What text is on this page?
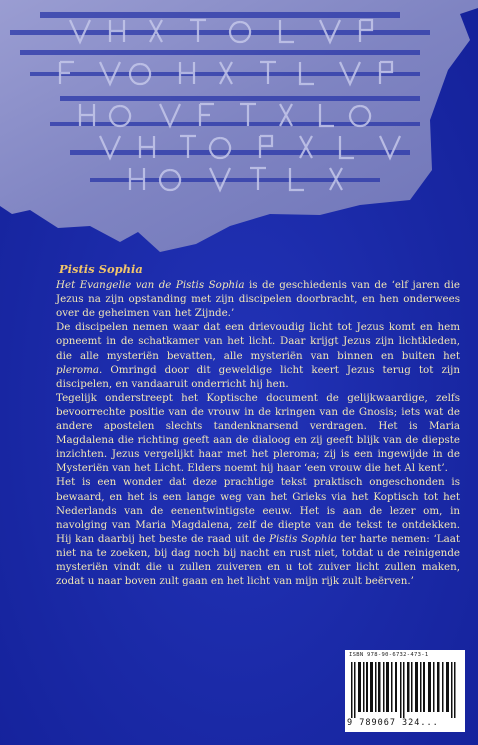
Pistis Sophia

Het Evangelie van de Pistis Sophia is de geschiedenis van de ‘elf jaren die Jezus na zijn opstanding met zijn discipelen doorbracht, en hen onderwees over de geheimen van het Zijnde.’

De discipelen nemen waar dat een drievoudig licht tot Jezus komt en hem opneemt in de schatkamer van het licht. Daar krijgt Jezus zijn lichtkleden, die alle mysteriën bevatten, alle mysteriën van binnen en buiten het pleroma. Omringd door dit geweldige licht keert Jezus terug tot zijn discipelen, en vandaaruit onderricht hij hen.

Tegelijk onderstreept het Koptische document de gelijkwaardige, zelfs bevoorrechte positie van de vrouw in de kringen van de Gnosis; iets wat de andere apostelen slechts tandenknarsend verdragen. Het is Maria Magdalena die richting geeft aan de dialoog en zij geeft blijk van de diepste inzichten. Jezus vergelijkt haar met het pleroma; zij is een ingewijde in de Mysteriën van het Licht. Elders noemt hij haar ‘een vrouw die het Al kent’.

Het is een wonder dat deze prachtige tekst praktisch ongeschonden is bewaard, en het is een lange weg van het Grieks via het Koptisch tot het Nederlands van de eenentwintigste eeuw. Het is aan de lezer om, in navolging van Maria Magdalena, zelf de diepte van de tekst te ontdekken. Hij kan daarbij het beste de raad uit de Pistis Sophia ter harte nemen: ‘Laat niet na te zoeken, bij dag noch bij nacht en rust niet, totdat u de reinigende mysteriën vindt die u zullen zuiveren en u tot zuiver licht zullen maken, zodat u naar boven zult gaan en het licht van mijn rijk zult beërven.’

ISBN 978-90-6732-473-1
9 789067 324...
